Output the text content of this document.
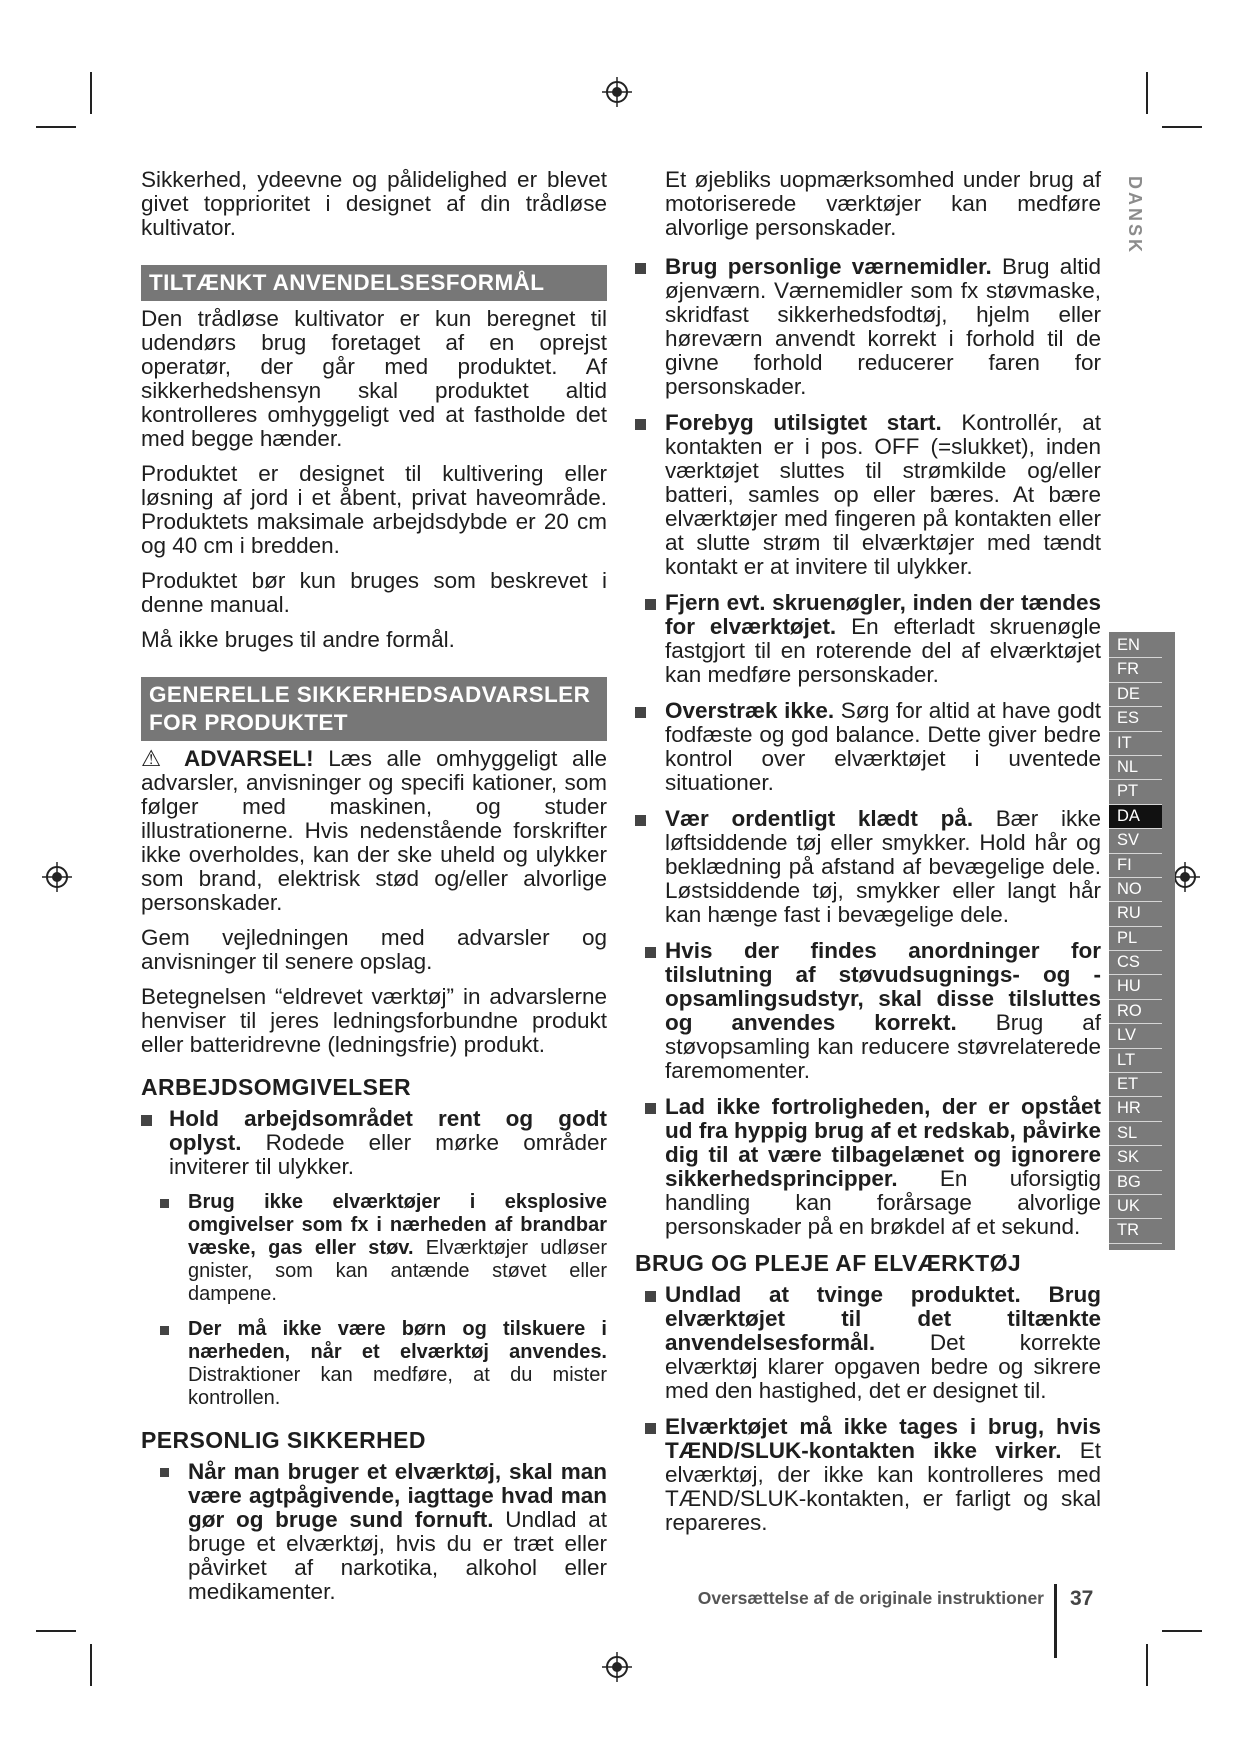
Sikkerhed, ydeevne og pålidelighed er blevet givet topprioritet i designet af din trådløse kultivator.

TILTÆNKT ANVENDELSESFORMÅL

Den trådløse kultivator er kun beregnet til udendørs brug foretaget af en oprejst operatør, der går med produktet. Af sikkerhedshensyn skal produktet altid kontrolleres omhyggeligt ved at fastholde det med begge hænder.

Produktet er designet til kultivering eller løsning af jord i et åbent, privat haveområde. Produktets maksimale arbejdsdybde er 20 cm og 40 cm i bredden.

Produktet bør kun bruges som beskrevet i denne manual.

Må ikke bruges til andre formål.

GENERELLE SIKKERHEDSADVARSLER FOR PRODUKTET

⚠ ADVARSEL! Læs alle omhyggeligt alle advarsler, anvisninger og specifi kationer, som følger med maskinen, og studer illustrationerne. Hvis nedenstående forskrifter ikke overholdes, kan der ske uheld og ulykker som brand, elektrisk stød og/eller alvorlige personskader.

Gem vejledningen med advarsler og anvisninger til senere opslag.

Betegnelsen “eldrevet værktøj” in advarslerne henviser til jeres ledningsforbundne produkt eller batteridrevne (ledningsfrie) produkt.

ARBEJDSOMGIVELSER
Hold arbejdsområdet rent og godt oplyst. Rodede eller mørke områder inviterer til ulykker.
Brug ikke elværktøjer i eksplosive omgivelser som fx i nærheden af brandbar væske, gas eller støv. Elværktøjer udløser gnister, som kan antænde støvet eller dampene.
Der må ikke være børn og tilskuere i nærheden, når et elværktøj anvendes. Distraktioner kan medføre, at du mister kontrollen.
PERSONLIG SIKKERHED
Når man bruger et elværktøj, skal man være agtpågivende, iagttage hvad man gør og bruge sund fornuft. Undlad at bruge et elværktøj, hvis du er træt eller påvirket af narkotika, alkohol eller medikamenter.

Et øjebliks uopmærksomhed under brug af motoriserede værktøjer kan medføre alvorlige personskader.

Brug personlige værnemidler. Brug altid øjenværn. Værnemidler som fx støvmaske, skridfast sikkerhedsfodtøj, hjelm eller høreværn anvendt korrekt i forhold til de givne forhold reducerer faren for personskader.
Forebyg utilsigtet start. Kontrollér, at kontakten er i pos. OFF (=slukket), inden værktøjet sluttes til strømkilde og/eller batteri, samles op eller bæres. At bære elværktøjer med fingeren på kontakten eller at slutte strøm til elværktøjer med tændt kontakt er at invitere til ulykker.
Fjern evt. skruenøgler, inden der tændes for elværktøjet. En efterladt skruenøgle fastgjort til en roterende del af elværktøjet kan medføre personskader.
Overstræk ikke. Sørg for altid at have godt fodfæste og god balance. Dette giver bedre kontrol over elværktøjet i uventede situationer.
Vær ordentligt klædt på. Bær ikke løftsiddende tøj eller smykker. Hold hår og beklædning på afstand af bevægelige dele. Løstsiddende tøj, smykker eller langt hår kan hænge fast i bevægelige dele.
Hvis der findes anordninger for tilslutning af støvudsugnings- og -opsamlingsudstyr, skal disse tilsluttes og anvendes korrekt. Brug af støvopsamling kan reducere støvrelaterede faremomenter.
Lad ikke fortroligheden, der er opstået ud fra hyppig brug af et redskab, påvirke dig til at være tilbagelænet og ignorere sikkerhedsprincipper. En uforsigtig handling kan forårsage alvorlige personskader på en brøkdel af et sekund.
BRUG OG PLEJE AF ELVÆRKTØJ
Undlad at tvinge produktet. Brug elværktøjet til det tiltænkte anvendelsesformål. Det korrekte elværktøj klarer opgaven bedre og sikrere med den hastighed, det er designet til.
Elværktøjet må ikke tages i brug, hvis TÆND/SLUK-kontakten ikke virker. Et elværktøj, der ikke kan kontrolleres med TÆND/SLUK-kontakten, er farligt og skal repareres.
DANSK
EN
FR
DE
ES
IT
NL
PT
DA
SV
FI
NO
RU
PL
CS
HU
RO
LV
LT
ET
HR
SL
SK
BG
UK
TR
Oversættelse af de originale instruktioner 37
